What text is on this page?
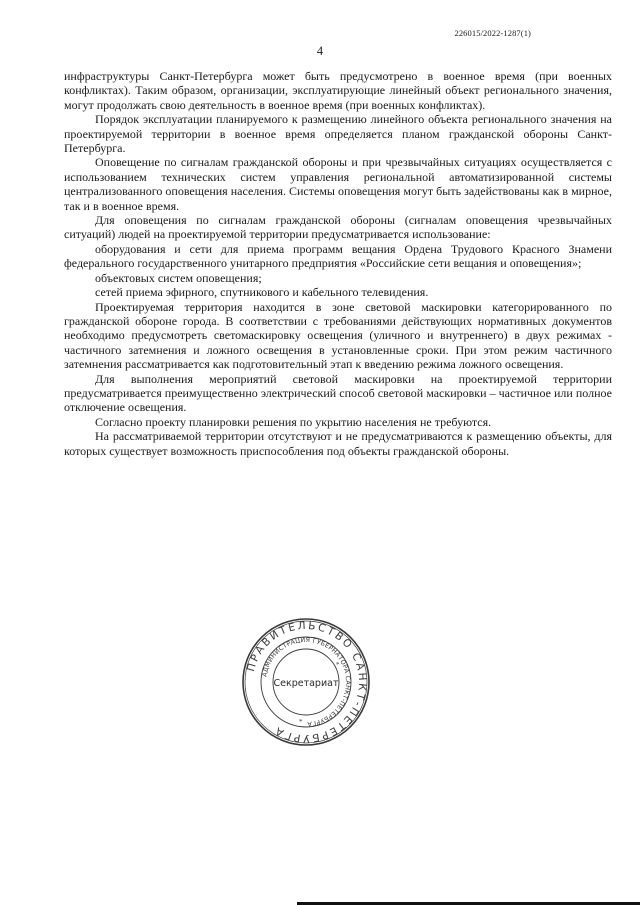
226015/2022-1287(1)
4

инфраструктуры Санкт-Петербурга может быть предусмотрено в военное время (при военных конфликтах). Таким образом, организации, эксплуатирующие линейный объект регионального значения, могут продолжать свою деятельность в военное время (при военных конфликтах).

Порядок эксплуатации планируемого к размещению линейного объекта регионального значения на проектируемой территории в военное время определяется планом гражданской обороны Санкт-Петербурга.

Оповещение по сигналам гражданской обороны и при чрезвычайных ситуациях осуществляется с использованием технических систем управления региональной автоматизированной системы централизованного оповещения населения. Системы оповещения могут быть задействованы как в мирное, так и в военное время.

Для оповещения по сигналам гражданской обороны (сигналам оповещения чрезвычайных ситуаций) людей на проектируемой территории предусматривается использование:

оборудования и сети для приема программ вещания Ордена Трудового Красного Знамени федерального государственного унитарного предприятия «Российские сети вещания и оповещения»;

объектовых систем оповещения;

сетей приема эфирного, спутникового и кабельного телевидения.

Проектируемая территория находится в зоне световой маскировки категорированного по гражданской обороне города. В соответствии с требованиями действующих нормативных документов необходимо предусмотреть светомаскировку освещения (уличного и внутреннего) в двух режимах - частичного затемнения и ложного освещения в установленные сроки. При этом режим частичного затемнения рассматривается как подготовительный этап к введению режима ложного освещения.

Для выполнения мероприятий световой маскировки на проектируемой территории предусматривается преимущественно электрический способ световой маскировки – частичное или полное отключение освещения.

Согласно проекту планировки решения по укрытию населения не требуются.

На рассматриваемой территории отсутствуют и не предусматриваются к размещению объекты, для которых существует возможность приспособления под объекты гражданской обороны.

ПРАВИТЕЛЬСТВО САНКТ-ПЕТЕРБУРГА
АДМИНИСТРАЦИЯ ГУБЕРНАТОРА САНКТ-ПЕТЕРБУРГА
*
*
Секретариат
